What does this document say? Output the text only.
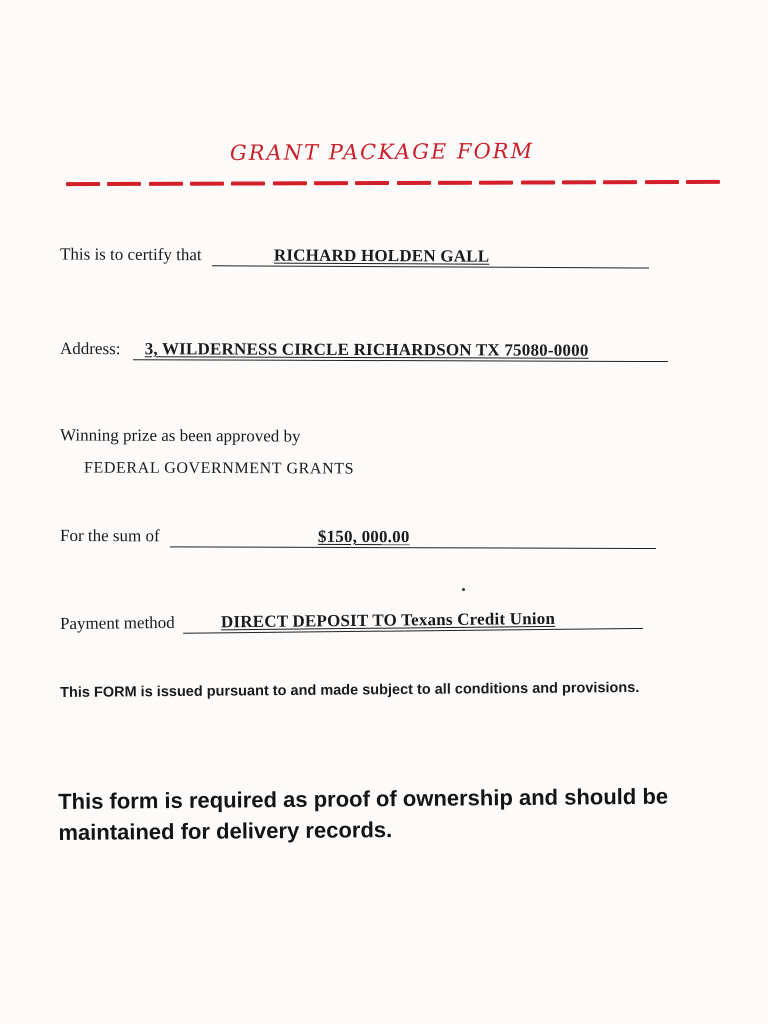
GRANT PACKAGE FORM
This is to certify that	RICHARD HOLDEN GALL
Address: 3, WILDERNESS CIRCLE RICHARDSON TX 75080-0000
Winning prize as been approved by
FEDERAL GOVERNMENT GRANTS
For the sum of	$150, 000.00
Payment method	DIRECT DEPOSIT TO Texans Credit Union
This FORM is issued pursuant to and made subject to all conditions and provisions.
This form is required as proof of ownership and should be maintained for delivery records.
